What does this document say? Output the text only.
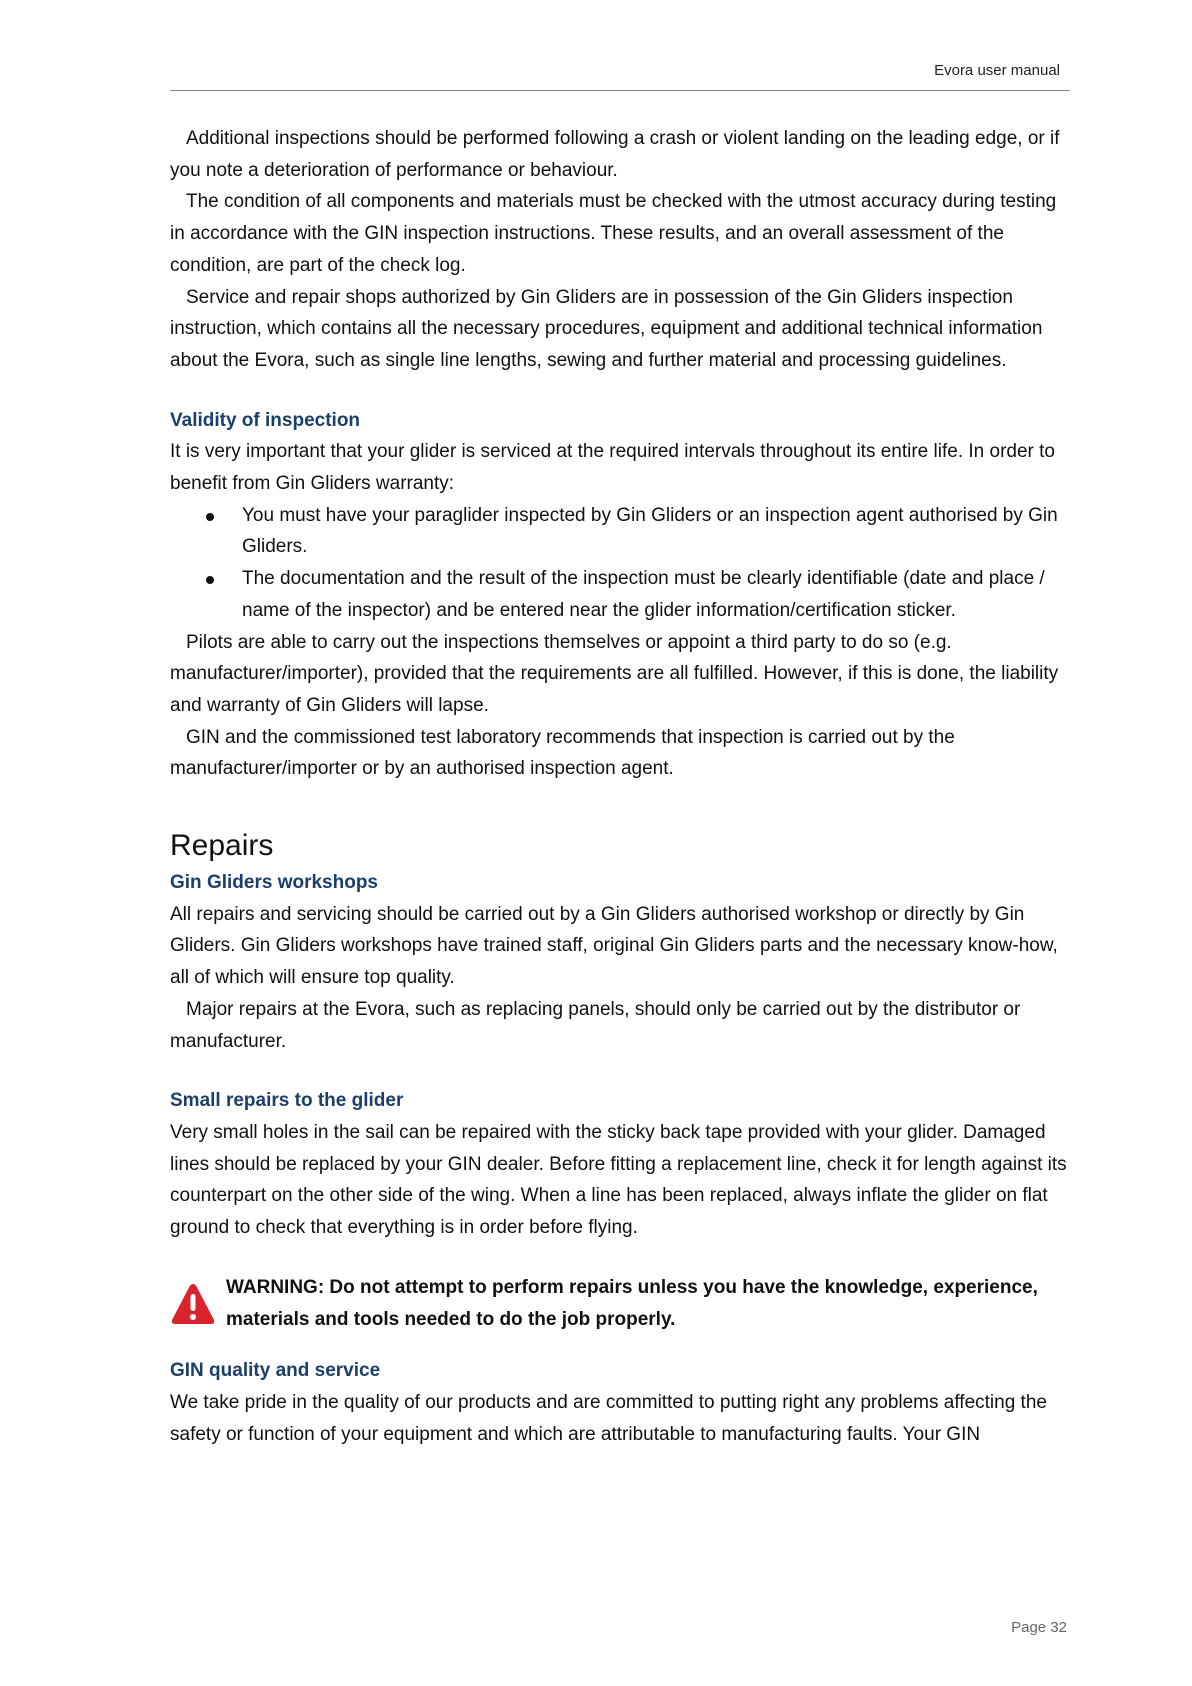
Evora user manual

Additional inspections should be performed following a crash or violent landing on the leading edge, or if you note a deterioration of performance or behaviour.

The condition of all components and materials must be checked with the utmost accuracy during testing in accordance with the GIN inspection instructions. These results, and an overall assessment of the condition, are part of the check log.

Service and repair shops authorized by Gin Gliders are in possession of the Gin Gliders inspection instruction, which contains all the necessary procedures, equipment and additional technical information about the Evora, such as single line lengths, sewing and further material and processing guidelines.

Validity of inspection

It is very important that your glider is serviced at the required intervals throughout its entire life. In order to benefit from Gin Gliders warranty:

You must have your paraglider inspected by Gin Gliders or an inspection agent authorised by Gin Gliders.
The documentation and the result of the inspection must be clearly identifiable (date and place / name of the inspector) and be entered near the glider information/certification sticker.

Pilots are able to carry out the inspections themselves or appoint a third party to do so (e.g. manufacturer/importer), provided that the requirements are all fulfilled. However, if this is done, the liability and warranty of Gin Gliders will lapse.

GIN and the commissioned test laboratory recommends that inspection is carried out by the manufacturer/importer or by an authorised inspection agent.

Repairs
Gin Gliders workshops

All repairs and servicing should be carried out by a Gin Gliders authorised workshop or directly by Gin Gliders. Gin Gliders workshops have trained staff, original Gin Gliders parts and the necessary know-how, all of which will ensure top quality.

Major repairs at the Evora, such as replacing panels, should only be carried out by the distributor or manufacturer.

Small repairs to the glider

Very small holes in the sail can be repaired with the sticky back tape provided with your glider. Damaged lines should be replaced by your GIN dealer. Before fitting a replacement line, check it for length against its counterpart on the other side of the wing. When a line has been replaced, always inflate the glider on flat ground to check that everything is in order before flying.

WARNING: Do not attempt to perform repairs unless you have the knowledge, experience, materials and tools needed to do the job properly.

GIN quality and service

We take pride in the quality of our products and are committed to putting right any problems affecting the safety or function of your equipment and which are attributable to manufacturing faults. Your GIN

Page 32
